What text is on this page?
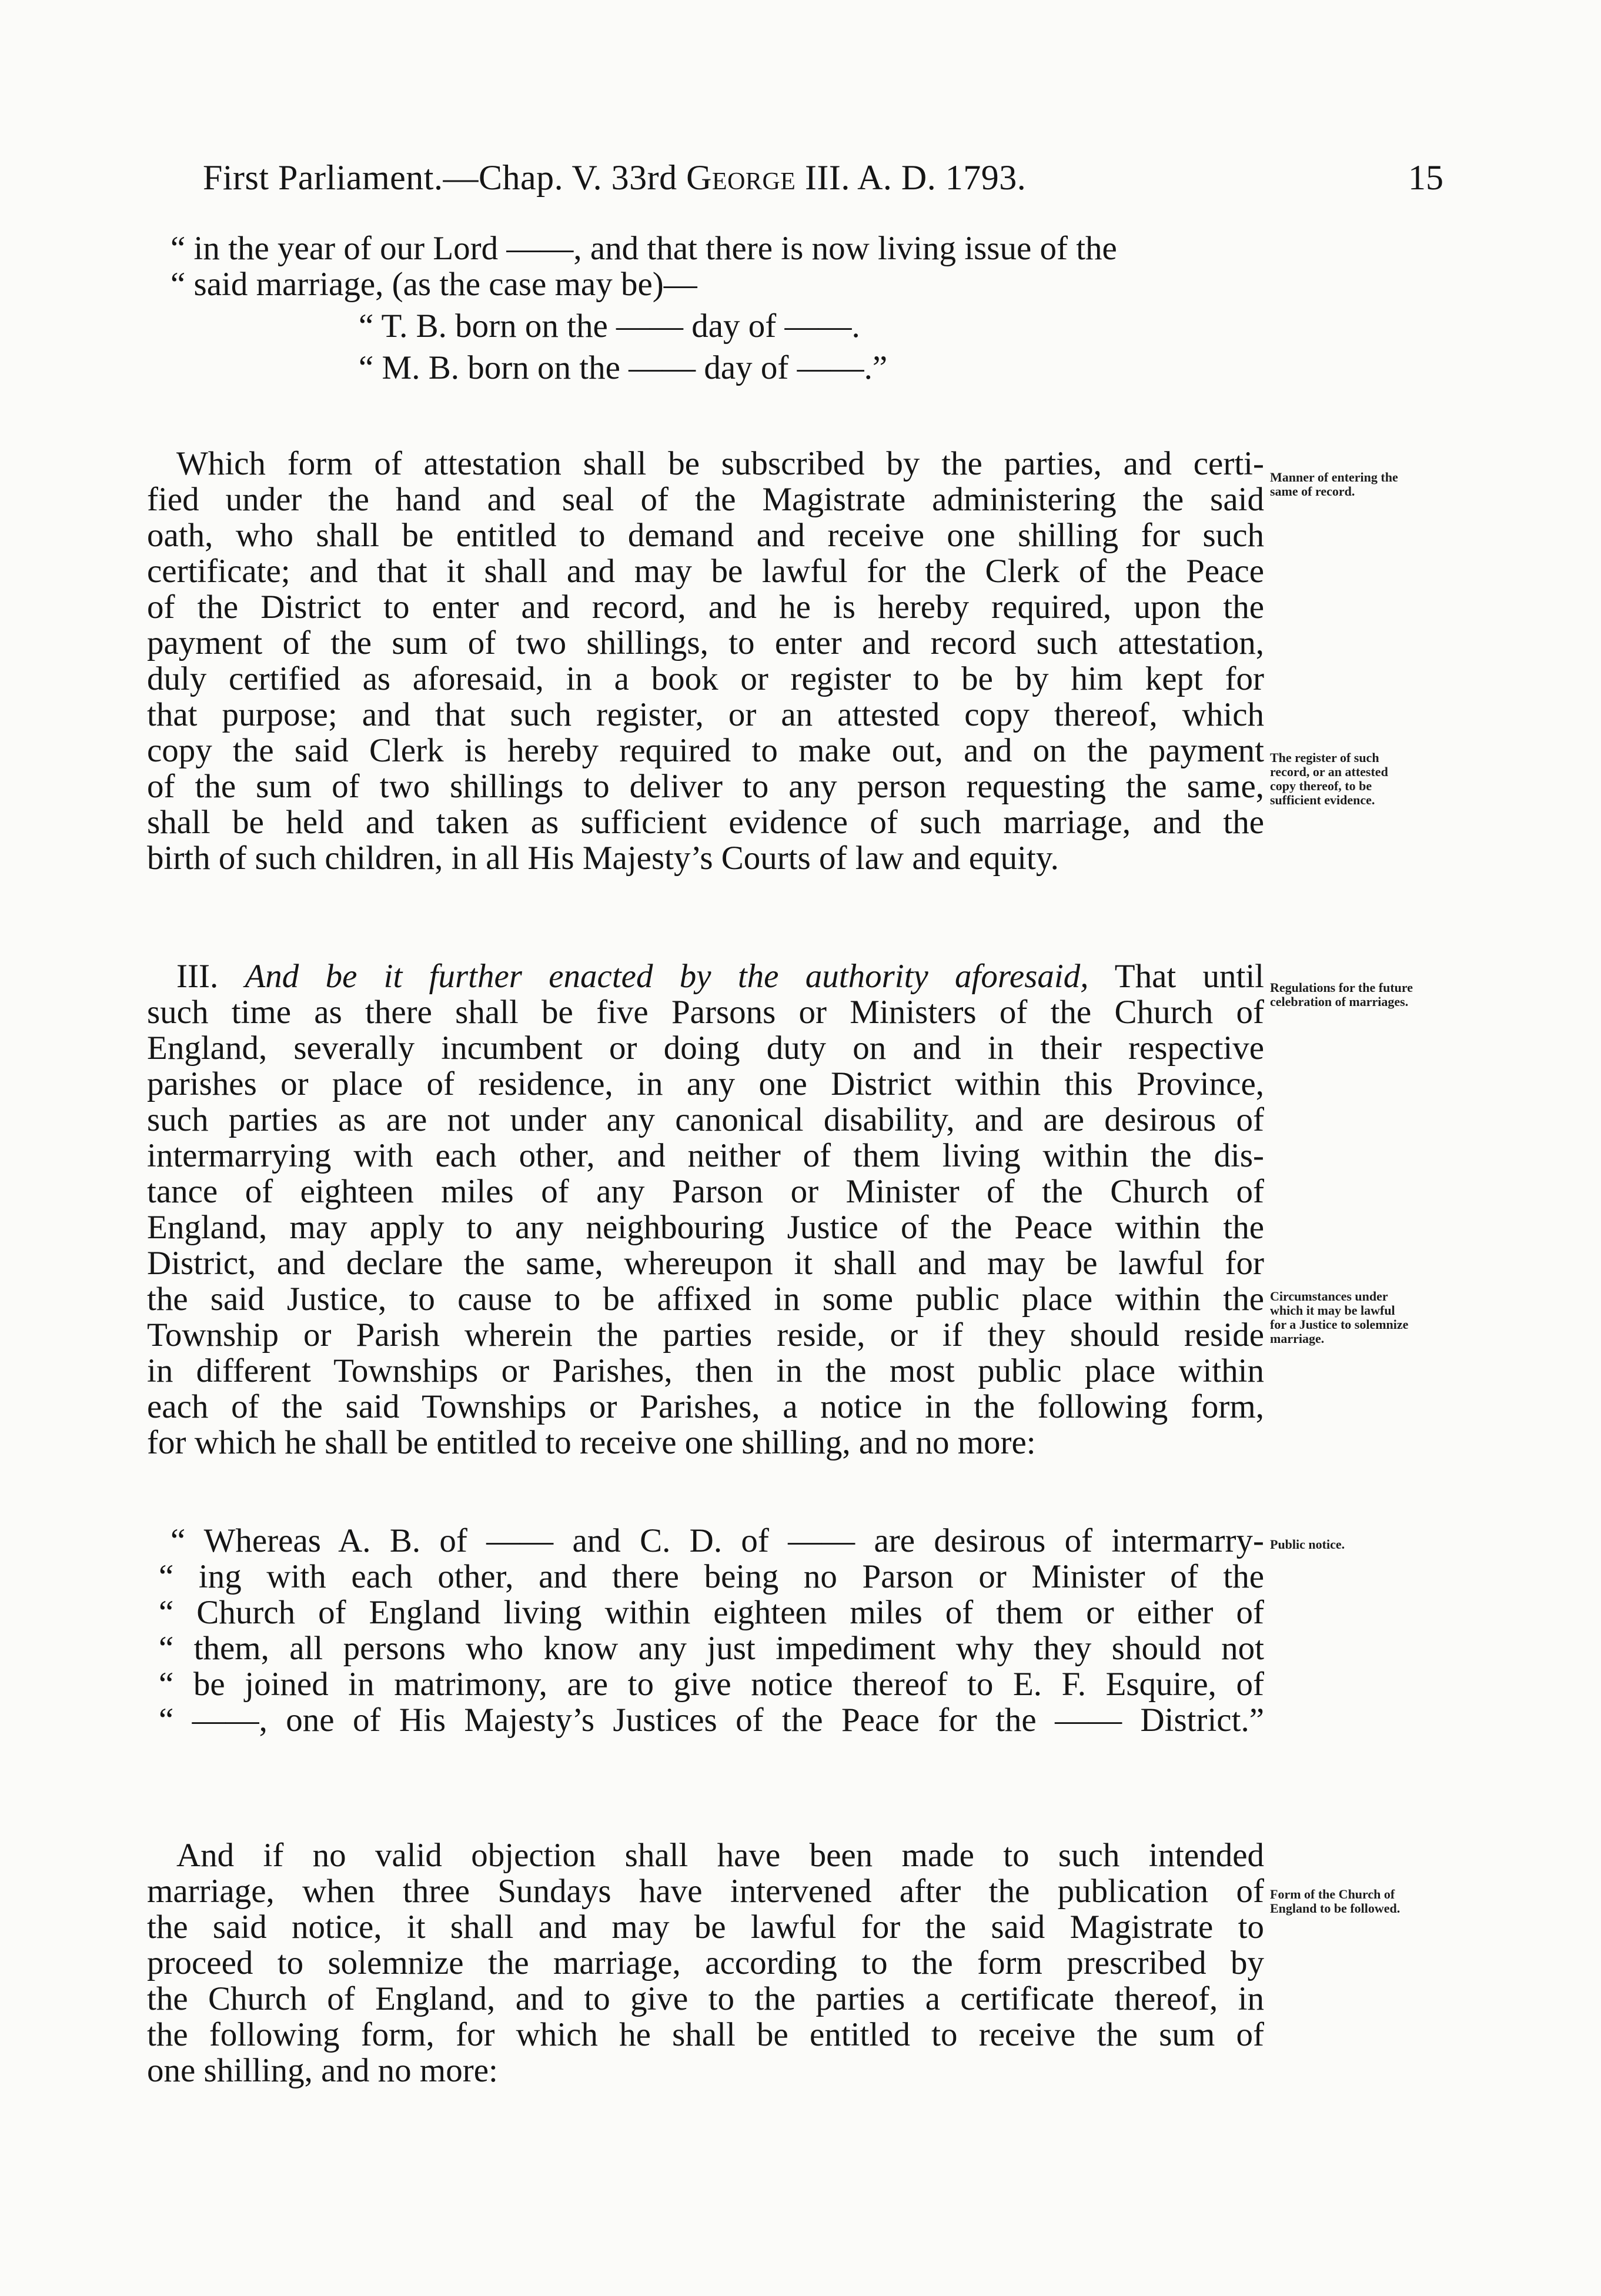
First Parliament.—Chap. V. 33rd George III. A. D. 1793.	15
“ in the year of our Lord ——, and that there is now living issue of the
“ said marriage, (as the case may be)—
“ T. B. born on the —— day of ——.
“ M. B. born on the —— day of ——.”
Which form of attestation shall be subscribed by the parties, and certi-
fied under the hand and seal of the Magistrate administering the said
oath, who shall be entitled to demand and receive one shilling for such
certificate; and that it shall and may be lawful for the Clerk of the Peace
of the District to enter and record, and he is hereby required, upon the
payment of the sum of two shillings, to enter and record such attestation,
duly certified as aforesaid, in a book or register to be by him kept for
that purpose; and that such register, or an attested copy thereof, which
copy the said Clerk is hereby required to make out, and on the payment
of the sum of two shillings to deliver to any person requesting the same,
shall be held and taken as sufficient evidence of such marriage, and the
birth of such children, in all His Majesty’s Courts of law and equity.
III. And be it further enacted by the authority aforesaid, That until
such time as there shall be five Parsons or Ministers of the Church of
England, severally incumbent or doing duty on and in their respective
parishes or place of residence, in any one District within this Province,
such parties as are not under any canonical disability, and are desirous of
intermarrying with each other, and neither of them living within the dis-
tance of eighteen miles of any Parson or Minister of the Church of
England, may apply to any neighbouring Justice of the Peace within the
District, and declare the same, whereupon it shall and may be lawful for
the said Justice, to cause to be affixed in some public place within the
Township or Parish wherein the parties reside, or if they should reside
in different Townships or Parishes, then in the most public place within
each of the said Townships or Parishes, a notice in the following form,
for which he shall be entitled to receive one shilling, and no more:
“ Whereas A. B. of —— and C. D. of —— are desirous of intermarry-
“ ing with each other, and there being no Parson or Minister of the
“ Church of England living within eighteen miles of them or either of
“ them, all persons who know any just impediment why they should not
“ be joined in matrimony, are to give notice thereof to E. F. Esquire, of
“ ——, one of His Majesty’s Justices of the Peace for the —— District.”
And if no valid objection shall have been made to such intended
marriage, when three Sundays have intervened after the publication of
the said notice, it shall and may be lawful for the said Magistrate to
proceed to solemnize the marriage, according to the form prescribed by
the Church of England, and to give to the parties a certificate thereof, in
the following form, for which he shall be entitled to receive the sum of
one shilling, and no more:
Manner of entering the
same of record.
The register of such
record, or an attested
copy thereof, to be
sufficient evidence.
Regulations for the future
celebration of marriages.
Circumstances under
which it may be lawful
for a Justice to solemnize
marriage.
Public notice.
Form of the Church of
England to be followed.
